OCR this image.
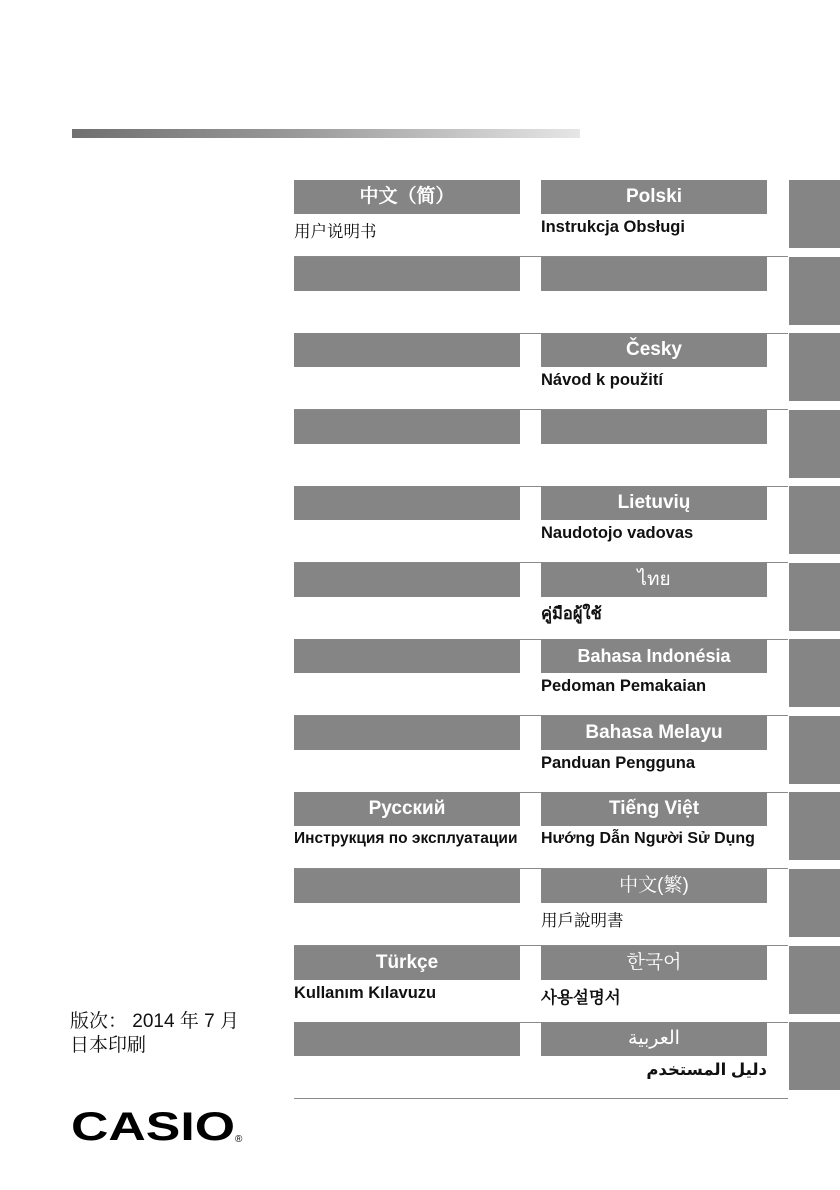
中文（简）
用户说明书
Polski
Instrukcja Obsługi
Česky
Návod k použití
Lietuvių
Naudotojo vadovas
ไทย
คู่มือผู้ใช้
Bahasa Indonésia
Pedoman Pemakaian
Bahasa Melayu
Panduan Pengguna
Русский
Инструкция по эксплуатации
Tiếng Việt
Hướng Dẫn Người Sử Dụng
中文(繁)
用戶說明書
Türkçe
Kullanım Kılavuzu
한국어
사용설명서
العربية
دليل المستخدم
版次： 2014 年 7 月
日本印刷
CASIO ®
